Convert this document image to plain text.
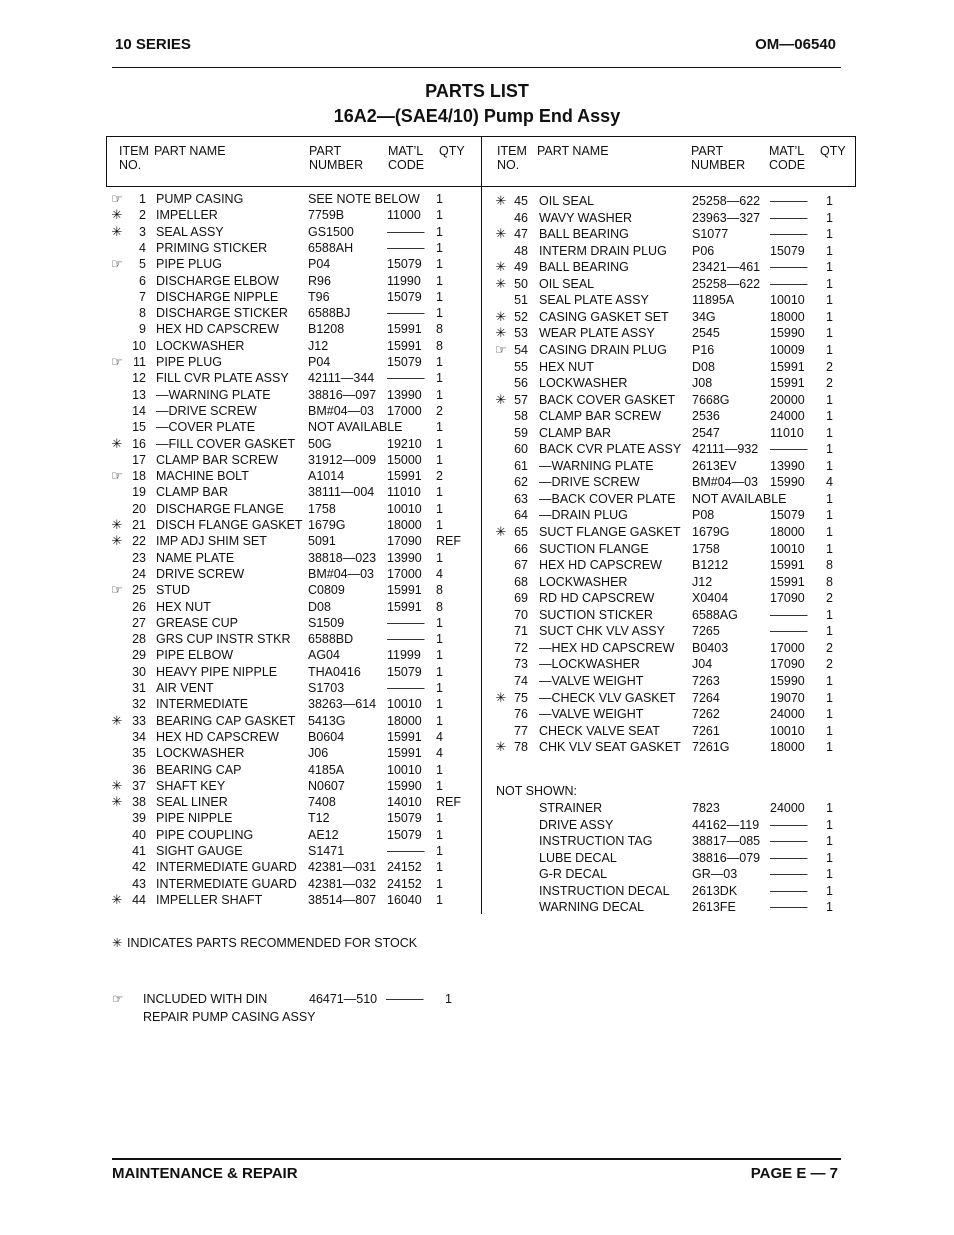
10 SERIES	OM—06540
PARTS LIST
16A2—(SAE4/10) Pump End Assy
ITEM
NO.
PART NAME	PART
NUMBER
MAT’L
CODE
QTY	ITEM
NO.
PART NAME	PART
NUMBER
MAT’L
CODE
QTY
☞	1 PUMP CASING	SEE NOTE BELOW 1
✳	2 IMPELLER	7759B	11000 1
✳	3 SEAL ASSY	GS1500	——— 1
4 PRIMING STICKER	6588AH	——— 1
☞	5 PIPE PLUG	P04	15079 1
6 DISCHARGE ELBOW R96	11990 1
7 DISCHARGE NIPPLE T96	15079 1
8 DISCHARGE STICKER 6588BJ	——— 1
9 HEX HD CAPSCREW B1208	15991 8
10 LOCKWASHER	J12	15991 8
☞ 11 PIPE PLUG	P04	15079 1
12 FILL CVR PLATE ASSY 42111—344 ——— 1
13 —WARNING PLATE	38816—097 13990 1
14 —DRIVE SCREW	BM#04—03 17000 2
15 —COVER PLATE	NOT AVAILABLE	1
✳ 16 —FILL COVER GASKET 50G	19210 1
17 CLAMP BAR SCREW 31912—009 15000 1
☞ 18 MACHINE BOLT	A1014	15991 2
19 CLAMP BAR	38111—004 11010 1
20 DISCHARGE FLANGE 1758	10010 1
✳ 21 DISCH FLANGE GASKET 1679G	18000 1
✳ 22 IMP ADJ SHIM SET	5091	17090 REF
23 NAME PLATE	38818—023 13990 1
24 DRIVE SCREW	BM#04—03 17000 4
☞ 25 STUD	C0809	15991 8
26 HEX NUT	D08	15991 8
27 GREASE CUP	S1509	——— 1
28 GRS CUP INSTR STKR 6588BD	——— 1
29 PIPE ELBOW	AG04	11999 1
30 HEAVY PIPE NIPPLE THA0416 15079 1
31 AIR VENT	S1703	——— 1
32 INTERMEDIATE	38263—614 10010 1
✳ 33 BEARING CAP GASKET 5413G	18000 1
34 HEX HD CAPSCREW B0604	15991 4
35 LOCKWASHER	J06	15991 4
36 BEARING CAP	4185A	10010 1
✳ 37 SHAFT KEY	N0607	15990 1
✳ 38 SEAL LINER	7408	14010 REF
39 PIPE NIPPLE	T12	15079 1
40 PIPE COUPLING	AE12	15079 1
41 SIGHT GAUGE	S1471	——— 1
42 INTERMEDIATE GUARD 42381—031 24152 1
43 INTERMEDIATE GUARD 42381—032 24152 1
✳ 44 IMPELLER SHAFT	38514—807 16040 1
✳ 45 OIL SEAL	25258—622 ——— 1
46 WAVY WASHER	23963—327 ——— 1
✳ 47 BALL BEARING	S1077	——— 1
48 INTERM DRAIN PLUG P06	15079 1
✳ 49 BALL BEARING	23421—461 ——— 1
✳ 50 OIL SEAL	25258—622 ——— 1
51 SEAL PLATE ASSY	11895A	10010 1
✳ 52 CASING GASKET SET 34G	18000 1
✳ 53 WEAR PLATE ASSY	2545	15990 1
☞ 54 CASING DRAIN PLUG P16	10009 1
55 HEX NUT	D08	15991 2
56 LOCKWASHER	J08	15991 2
✳ 57 BACK COVER GASKET 7668G	20000 1
58 CLAMP BAR SCREW 2536	24000 1
59 CLAMP BAR	2547	11010 1
60 BACK CVR PLATE ASSY 42111—932 ——— 1
61 —WARNING PLATE	2613EV	13990 1
62 —DRIVE SCREW	BM#04—03 15990 4
63 —BACK COVER PLATE NOT AVAILABLE	1
64 —DRAIN PLUG	P08	15079 1
✳ 65 SUCT FLANGE GASKET 1679G	18000 1
66 SUCTION FLANGE	1758	10010 1
67 HEX HD CAPSCREW B1212	15991 8
68 LOCKWASHER	J12	15991 8
69 RD HD CAPSCREW	X0404	17090 2
70 SUCTION STICKER	6588AG	——— 1
71 SUCT CHK VLV ASSY 7265	——— 1
72 —HEX HD CAPSCREW B0403	17000 2
73 —LOCKWASHER	J04	17090 2
74 —VALVE WEIGHT	7263	15990 1
✳ 75 —CHECK VLV GASKET 7264	19070 1
76 —VALVE WEIGHT	7262	24000 1
77 CHECK VALVE SEAT	7261	10010 1
✳ 78 CHK VLV SEAT GASKET 7261G	18000 1
NOT SHOWN:
STRAINER	7823	24000 1
DRIVE ASSY	44162—119 ——— 1
INSTRUCTION TAG	38817—085 ——— 1
LUBE DECAL	38816—079 ——— 1
G-R DECAL	GR—03	——— 1
INSTRUCTION DECAL 2613DK	——— 1
WARNING DECAL	2613FE	——— 1
✳ INDICATES PARTS RECOMMENDED FOR STOCK
☞ INCLUDED WITH DIN	46471—510 ——— 1
REPAIR PUMP CASING ASSY
MAINTENANCE & REPAIR	PAGE E — 7
